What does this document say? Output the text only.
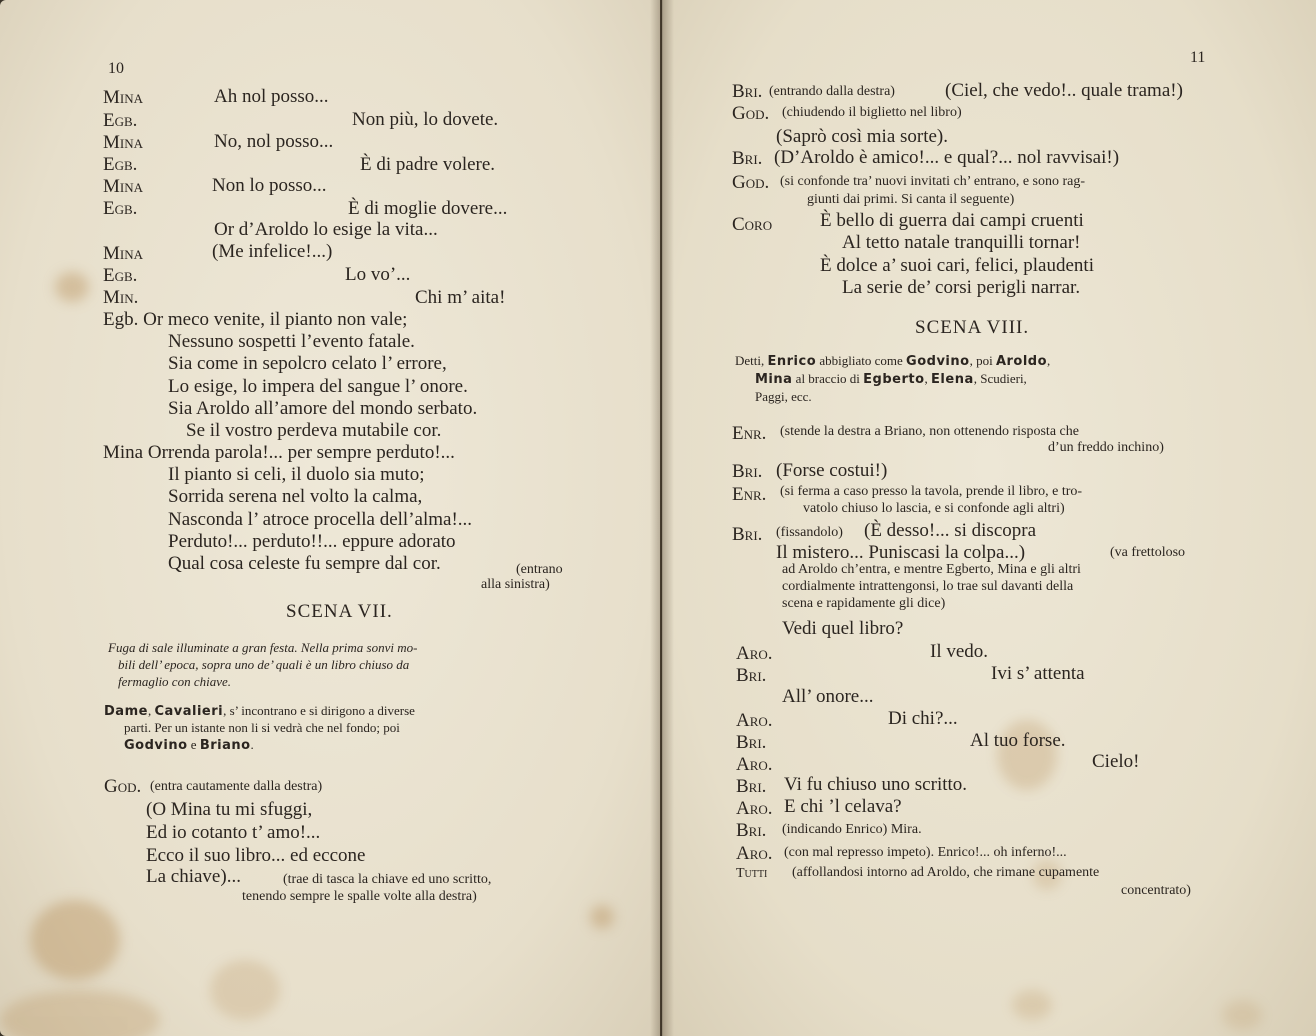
10
Mina	Ah nol posso...
Egb.	Non più, lo dovete.
Mina	No, nol posso...
Egb.	È di padre volere.
Mina	Non lo posso...
Egb.	È di moglie dovere...
Or d’Aroldo lo esige la vita...
Mina	(Me infelice!...)
Egb.	Lo vo’...
Min.	Chi m’ aita!
Egb. Or meco venite, il pianto non vale;
Nessuno sospetti l’evento fatale.
Sia come in sepolcro celato l’ errore,
Lo esige, lo impera del sangue l’ onore.
Sia Aroldo all’amore del mondo serbato.
Se il vostro perdeva mutabile cor.
Mina Orrenda parola!... per sempre perduto!...
Il pianto si celi, il duolo sia muto;
Sorrida serena nel volto la calma,
Nasconda l’ atroce procella dell’alma!...
Perduto!... perduto!!... eppure adorato
Qual cosa celeste fu sempre dal cor.	(entrano
alla sinistra)
SCENA VII.
Fuga di sale illuminate a gran festa. Nella prima sonvi mo-
bili dell’ epoca, sopra uno de’ quali è un libro chiuso da
fermaglio con chiave.
Dame, Cavalieri, s’ incontrano e si dirigono a diverse
parti. Per un istante non li si vedrà che nel fondo; poi
Godvino e Briano.
God. (entra cautamente dalla destra)
(O Mina tu mi sfuggi,
Ed io cotanto t’ amo!...
Ecco il suo libro... ed eccone
La chiave)...	(trae di tasca la chiave ed uno scritto,
tenendo sempre le spalle volte alla destra)
11
Bri. (entrando dalla destra)	(Ciel, che vedo!.. quale trama!)
God. (chiudendo il biglietto nel libro)
(Saprò così mia sorte).
Bri. (D’Aroldo è amico!... e qual?... nol ravvisai!)
God. (si confonde tra’ nuovi invitati ch’ entrano, e sono rag-
giunti dai primi. Si canta il seguente)
Coro	È bello di guerra dai campi cruenti
Al tetto natale tranquilli tornar!
È dolce a’ suoi cari, felici, plaudenti
La serie de’ corsi perigli narrar.
SCENA VIII.
Detti, Enrico abbigliato come Godvino, poi Aroldo,
Mina al braccio di Egberto, Elena, Scudieri,
Paggi, ecc.
Enr. (stende la destra a Briano, non ottenendo risposta che
d’un freddo inchino)
Bri. (Forse costui!)
Enr. (si ferma a caso presso la tavola, prende il libro, e tro-
vatolo chiuso lo lascia, e si confonde agli altri)
Bri. (fissandolo) (È desso!... si discopra
Il mistero... Puniscasi la colpa...)	(va frettoloso
ad Aroldo ch’entra, e mentre Egberto, Mina e gli altri
cordialmente intrattengonsi, lo trae sul davanti della
scena e rapidamente gli dice)
Vedi quel libro?
Aro.	Il vedo.
Bri.	Ivi s’ attenta
All’ onore...
Aro.	Di chi?...
Bri.	Al tuo forse.
Aro.	Cielo!
Bri. Vi fu chiuso uno scritto.
Aro. E chi ’l celava?
Bri. (indicando Enrico) Mira.
Aro. (con mal represso impeto). Enrico!... oh inferno!...
Tutti (affollandosi intorno ad Aroldo, che rimane cupamente
concentrato)
